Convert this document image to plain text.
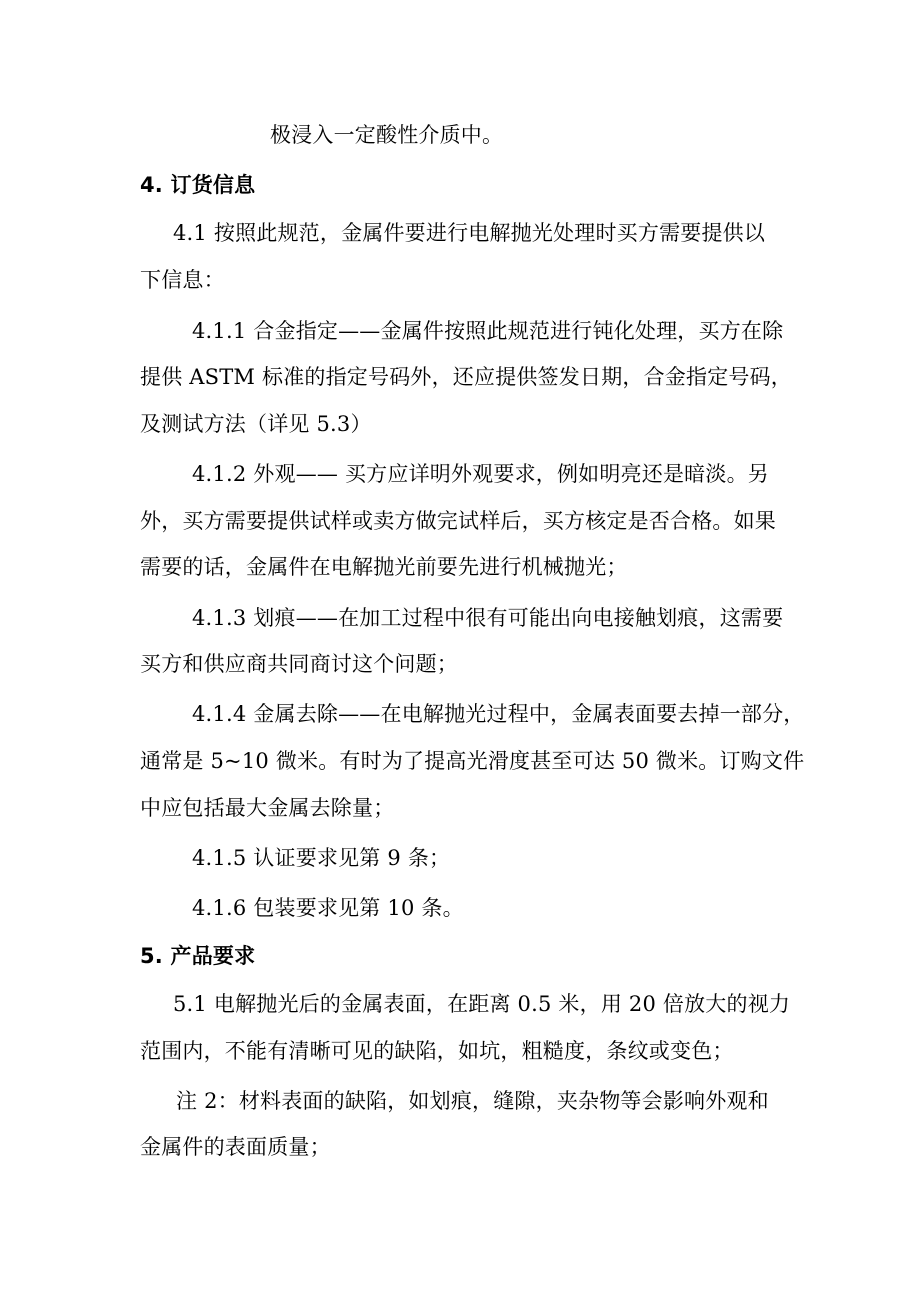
极浸入一定酸性介质中。
4. 订货信息
4.1 按照此规范，金属件要进行电解抛光处理时买方需要提供以
下信息：
4.1.1 合金指定——金属件按照此规范进行钝化处理，买方在除
提供 ASTM 标准的指定号码外，还应提供签发日期，合金指定号码，
及测试方法（详见 5.3）
4.1.2 外观—— 买方应详明外观要求，例如明亮还是暗淡。另
外，买方需要提供试样或卖方做完试样后，买方核定是否合格。如果
需要的话，金属件在电解抛光前要先进行机械抛光；
4.1.3 划痕——在加工过程中很有可能出向电接触划痕，这需要
买方和供应商共同商讨这个问题；
4.1.4 金属去除——在电解抛光过程中，金属表面要去掉一部分，
通常是 5~10 微米。有时为了提高光滑度甚至可达 50 微米。订购文件
中应包括最大金属去除量；
4.1.5 认证要求见第 9 条；
4.1.6 包装要求见第 10 条。
5. 产品要求
5.1 电解抛光后的金属表面，在距离 0.5 米，用 20 倍放大的视力
范围内，不能有清晰可见的缺陷，如坑，粗糙度，条纹或变色；
注 2：材料表面的缺陷，如划痕，缝隙，夹杂物等会影响外观和
金属件的表面质量；
